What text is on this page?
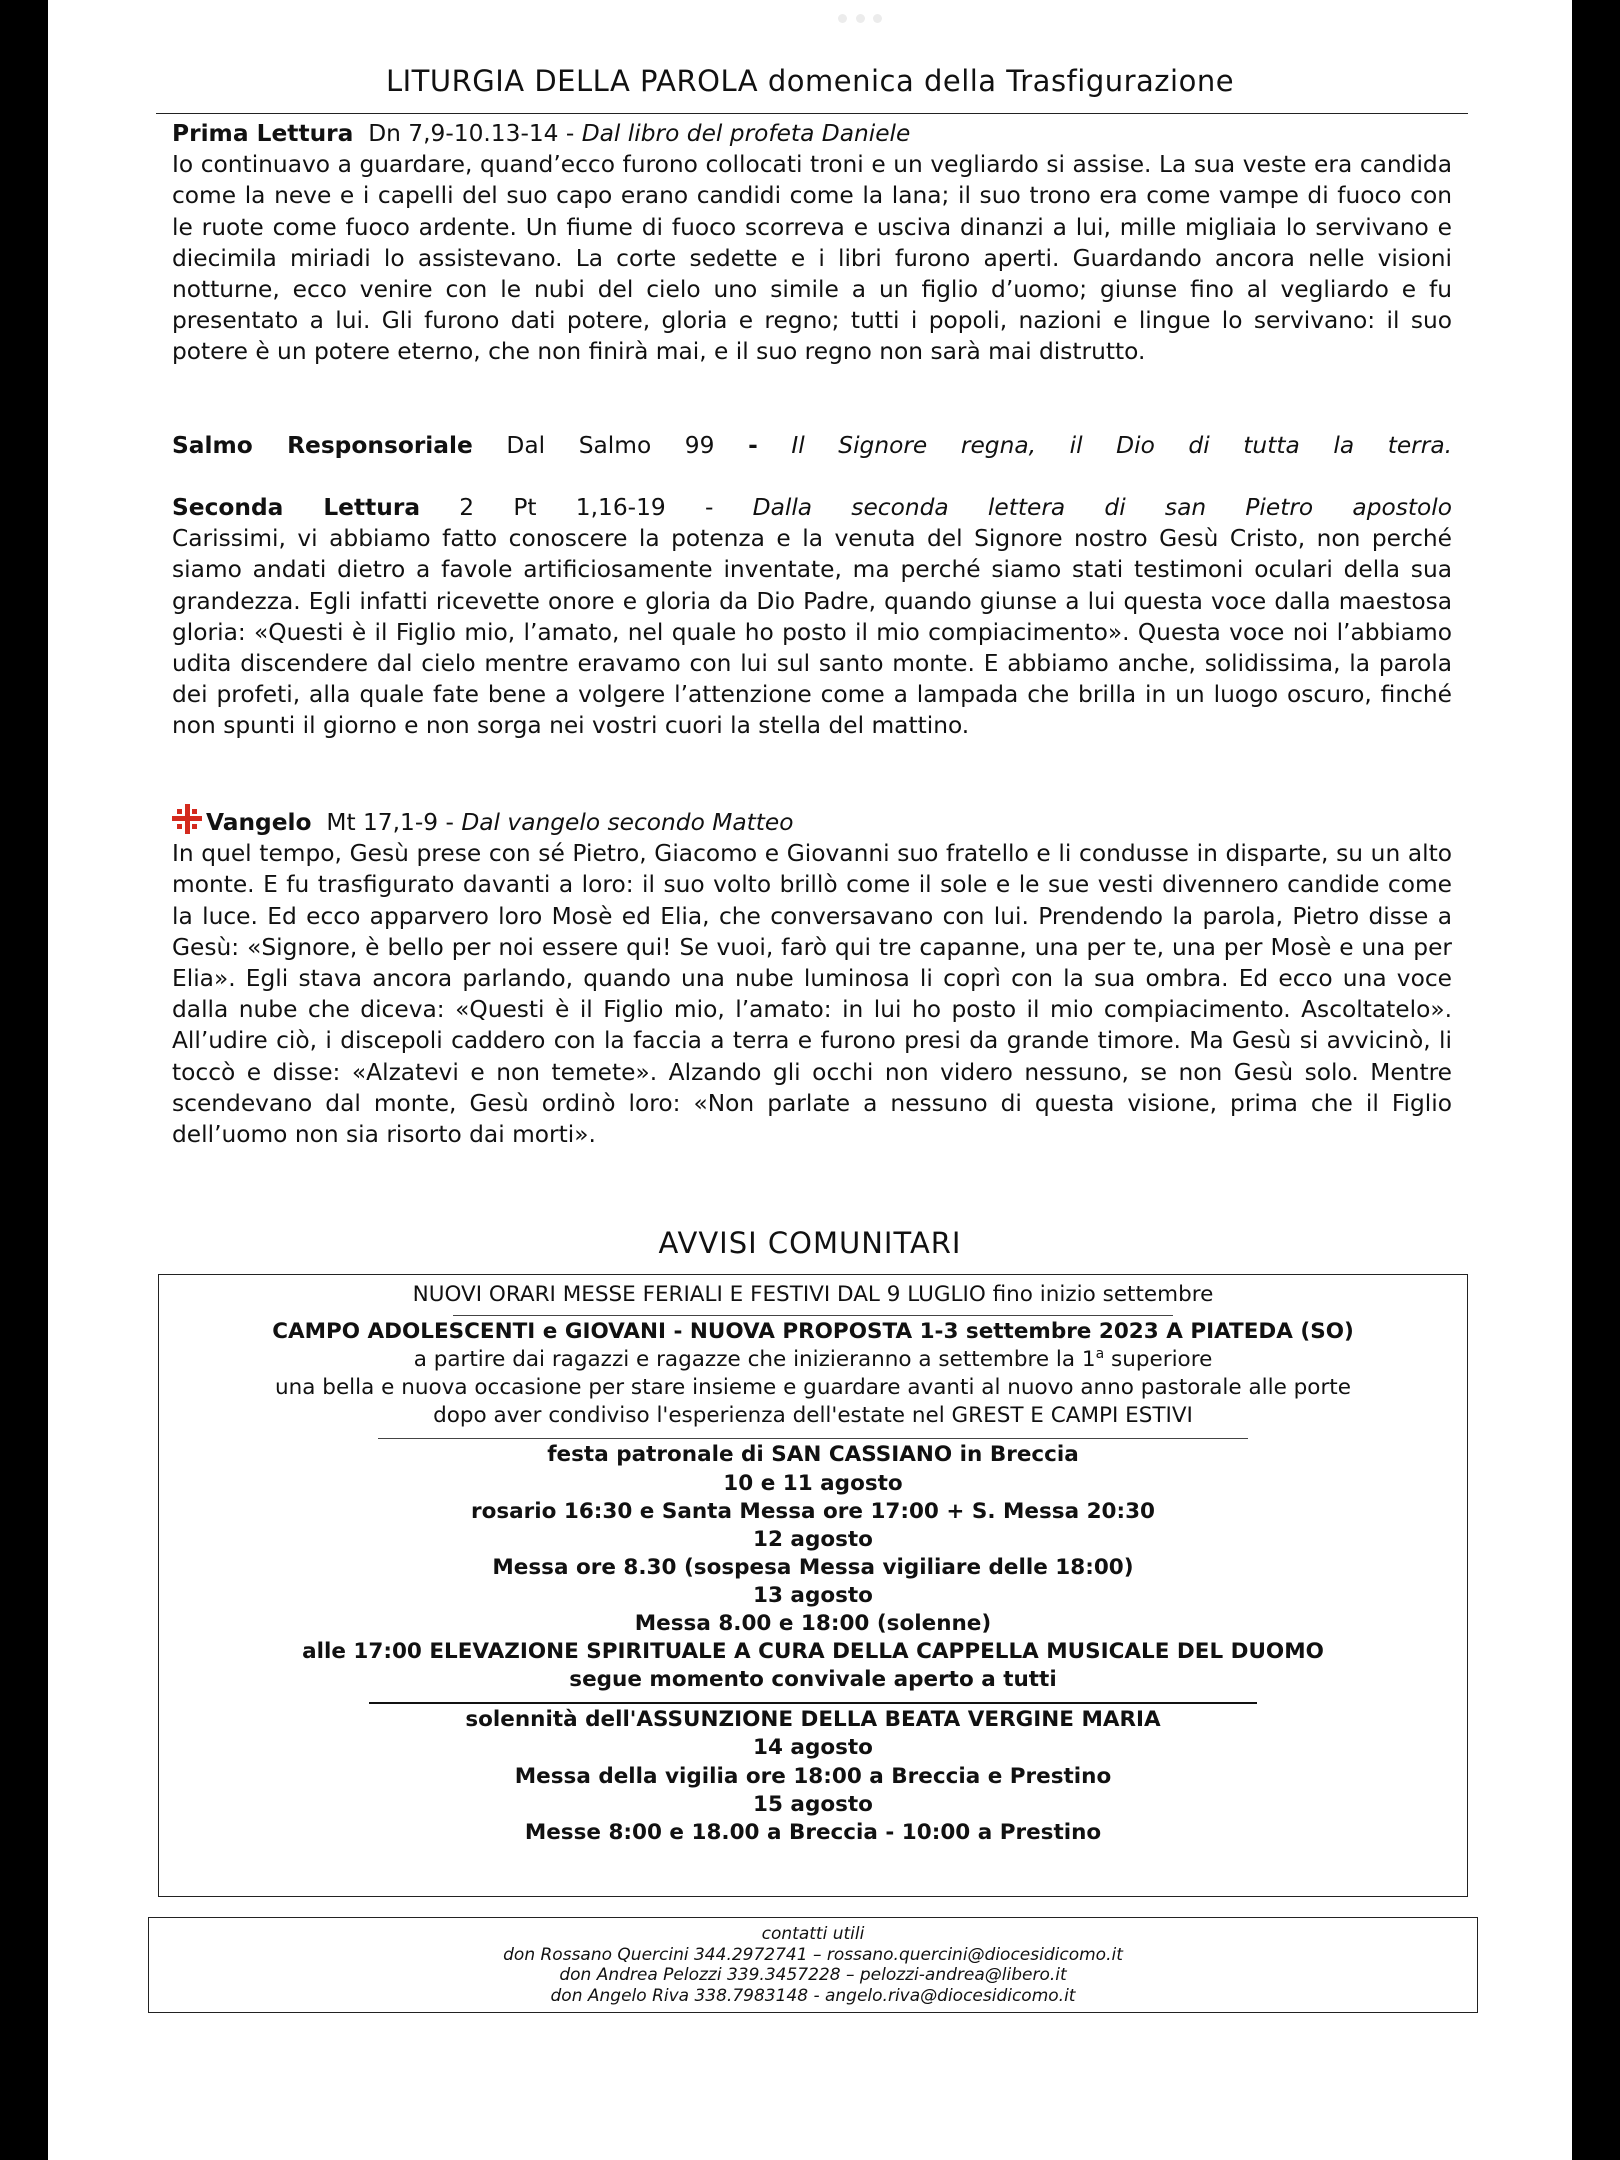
LITURGIA DELLA PAROLA domenica della Trasfigurazione

Prima Lettura Dn 7,9-10.13-14 - Dal libro del profeta Daniele

Io continuavo a guardare, quand’ecco furono collocati troni e un vegliardo si assise. La sua veste era candida come la neve e i capelli del suo capo erano candidi come la lana; il suo trono era come vampe di fuoco con le ruote come fuoco ardente. Un fiume di fuoco scorreva e usciva dinanzi a lui, mille migliaia lo servivano e diecimila miriadi lo assistevano. La corte sedette e i libri furono aperti. Guardando ancora nelle visioni notturne, ecco venire con le nubi del cielo uno simile a un figlio d’uomo; giunse fino al vegliardo e fu presentato a lui. Gli furono dati potere, gloria e regno; tutti i popoli, nazioni e lingue lo servivano: il suo potere è un potere eterno, che non finirà mai, e il suo regno non sarà mai distrutto.

Salmo Responsoriale Dal Salmo 99 - Il Signore regna, il Dio di tutta la terra.

Seconda Lettura 2 Pt 1,16-19 - Dalla seconda lettera di san Pietro apostolo

Carissimi, vi abbiamo fatto conoscere la potenza e la venuta del Signore nostro Gesù Cristo, non perché siamo andati dietro a favole artificiosamente inventate, ma perché siamo stati testimoni oculari della sua grandezza. Egli infatti ricevette onore e gloria da Dio Padre, quando giunse a lui questa voce dalla maestosa gloria: «Questi è il Figlio mio, l’amato, nel quale ho posto il mio compiacimento». Questa voce noi l’abbiamo udita discendere dal cielo mentre eravamo con lui sul santo monte. E abbiamo anche, solidissima, la parola dei profeti, alla quale fate bene a volgere l’attenzione come a lampada che brilla in un luogo oscuro, finché non spunti il giorno e non sorga nei vostri cuori la stella del mattino.

Vangelo Mt 17,1-9 - Dal vangelo secondo Matteo

In quel tempo, Gesù prese con sé Pietro, Giacomo e Giovanni suo fratello e li condusse in disparte, su un alto monte. E fu trasfigurato davanti a loro: il suo volto brillò come il sole e le sue vesti divennero candide come la luce. Ed ecco apparvero loro Mosè ed Elia, che conversavano con lui. Prendendo la parola, Pietro disse a Gesù: «Signore, è bello per noi essere qui! Se vuoi, farò qui tre capanne, una per te, una per Mosè e una per Elia». Egli stava ancora parlando, quando una nube luminosa li coprì con la sua ombra. Ed ecco una voce dalla nube che diceva: «Questi è il Figlio mio, l’amato: in lui ho posto il mio compiacimento. Ascoltatelo». All’udire ciò, i discepoli caddero con la faccia a terra e furono presi da grande timore. Ma Gesù si avvicinò, li toccò e disse: «Alzatevi e non temete». Alzando gli occhi non videro nessuno, se non Gesù solo. Mentre scendevano dal monte, Gesù ordinò loro: «Non parlate a nessuno di questa visione, prima che il Figlio dell’uomo non sia risorto dai morti».

AVVISI COMUNITARI
NUOVI ORARI MESSE FERIALI E FESTIVI DAL 9 LUGLIO fino inizio settembre
CAMPO ADOLESCENTI e GIOVANI - NUOVA PROPOSTA 1-3 settembre 2023 A PIATEDA (SO)
a partire dai ragazzi e ragazze che inizieranno a settembre la 1$^a$ superiore
una bella e nuova occasione per stare insieme e guardare avanti al nuovo anno pastorale alle porte
dopo aver condiviso l'esperienza dell'estate nel GREST E CAMPI ESTIVI
festa patronale di SAN CASSIANO in Breccia
10 e 11 agosto
rosario 16:30 e Santa Messa ore 17:00 + S. Messa 20:30
12 agosto
Messa ore 8.30 (sospesa Messa vigiliare delle 18:00)
13 agosto
Messa 8.00 e 18:00 (solenne)
alle 17:00 ELEVAZIONE SPIRITUALE A CURA DELLA CAPPELLA MUSICALE DEL DUOMO
segue momento convivale aperto a tutti
solennità dell'ASSUNZIONE DELLA BEATA VERGINE MARIA
14 agosto
Messa della vigilia ore 18:00 a Breccia e Prestino
15 agosto
Messe 8:00 e 18.00 a Breccia - 10:00 a Prestino
contatti utili
don Rossano Quercini 344.2972741 – rossano.quercini@diocesidicomo.it
don Andrea Pelozzi 339.3457228 – pelozzi-andrea@libero.it
don Angelo Riva 338.7983148 - angelo.riva@diocesidicomo.it
